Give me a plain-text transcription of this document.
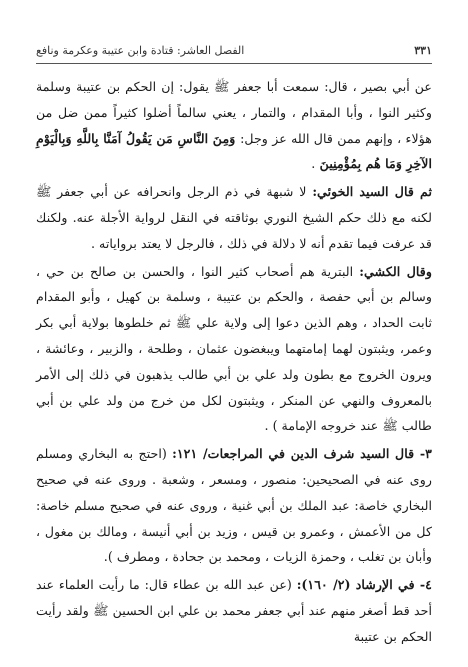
٣٣١
الفصل العاشر: قتادة وابن عتيبة وعكرمة ونافع

عن أبي بصير ، قال: سمعت أبا جعفر ﷺ يقول: إن الحكم بن عتيبة وسلمة وكثير النوا ، وأبا المقدام ، والتمار ، يعني سالماً أضلوا كثيراً ممن ضل من هؤلاء ، وإنهم ممن قال الله عز وجل: وَمِنَ النَّاسِ مَن يَقُولُ آمَنَّا بِاللَّهِ وَبِالْيَوْمِ الآخِرِ وَمَا هُم بِمُؤْمِنِينَ .

ثم قال السيد الخوئي: لا شبهة في ذم الرجل وانحرافه عن أبي جعفر ﷺ لكنه مع ذلك حكم الشيخ النوري بوثاقته في النقل لرواية الأجلة عنه. ولكنك قد عرفت فيما تقدم أنه لا دلالة في ذلك ، فالرجل لا يعتد برواياته .

وقال الكشي: البترية هم أصحاب كثير النوا ، والحسن بن صالح بن حي ، وسالم بن أبي حفصة ، والحكم بن عتيبة ، وسلمة بن كهيل ، وأبو المقدام ثابت الحداد ، وهم الذين دعوا إلى ولاية علي ﷺ ثم خلطوها بولاية أبي بكر وعمر، ويثبتون لهما إمامتهما ويبغضون عثمان ، وطلحة ، والزبير ، وعائشة ، ويرون الخروج مع بطون ولد علي بن أبي طالب يذهبون في ذلك إلى الأمر بالمعروف والنهي عن المنكر ، ويثبتون لكل من خرج من ولد علي بن أبي طالب ﷺ عند خروجه الإمامة ) .

٣- قال السيد شرف الدين في المراجعات/ ١٢١: (احتج به البخاري ومسلم روى عنه في الصحيحين: منصور ، ومسعر ، وشعبة . وروى عنه في صحيح البخاري خاصة: عبد الملك بن أبي غنية ، وروى عنه في صحيح مسلم خاصة: كل من الأعمش ، وعمرو بن قيس ، وزيد بن أبي أنيسة ، ومالك بن مغول ، وأبان بن تغلب ، وحمزة الزيات ، ومحمد بن جحادة ، ومطرف ).

٤- في الإرشاد (٢/ ١٦٠): (عن عبد الله بن عطاء قال: ما رأيت العلماء عند أحد قط أصغر منهم عند أبي جعفر محمد بن علي ابن الحسين ﷺ ولقد رأيت الحكم بن عتيبة
